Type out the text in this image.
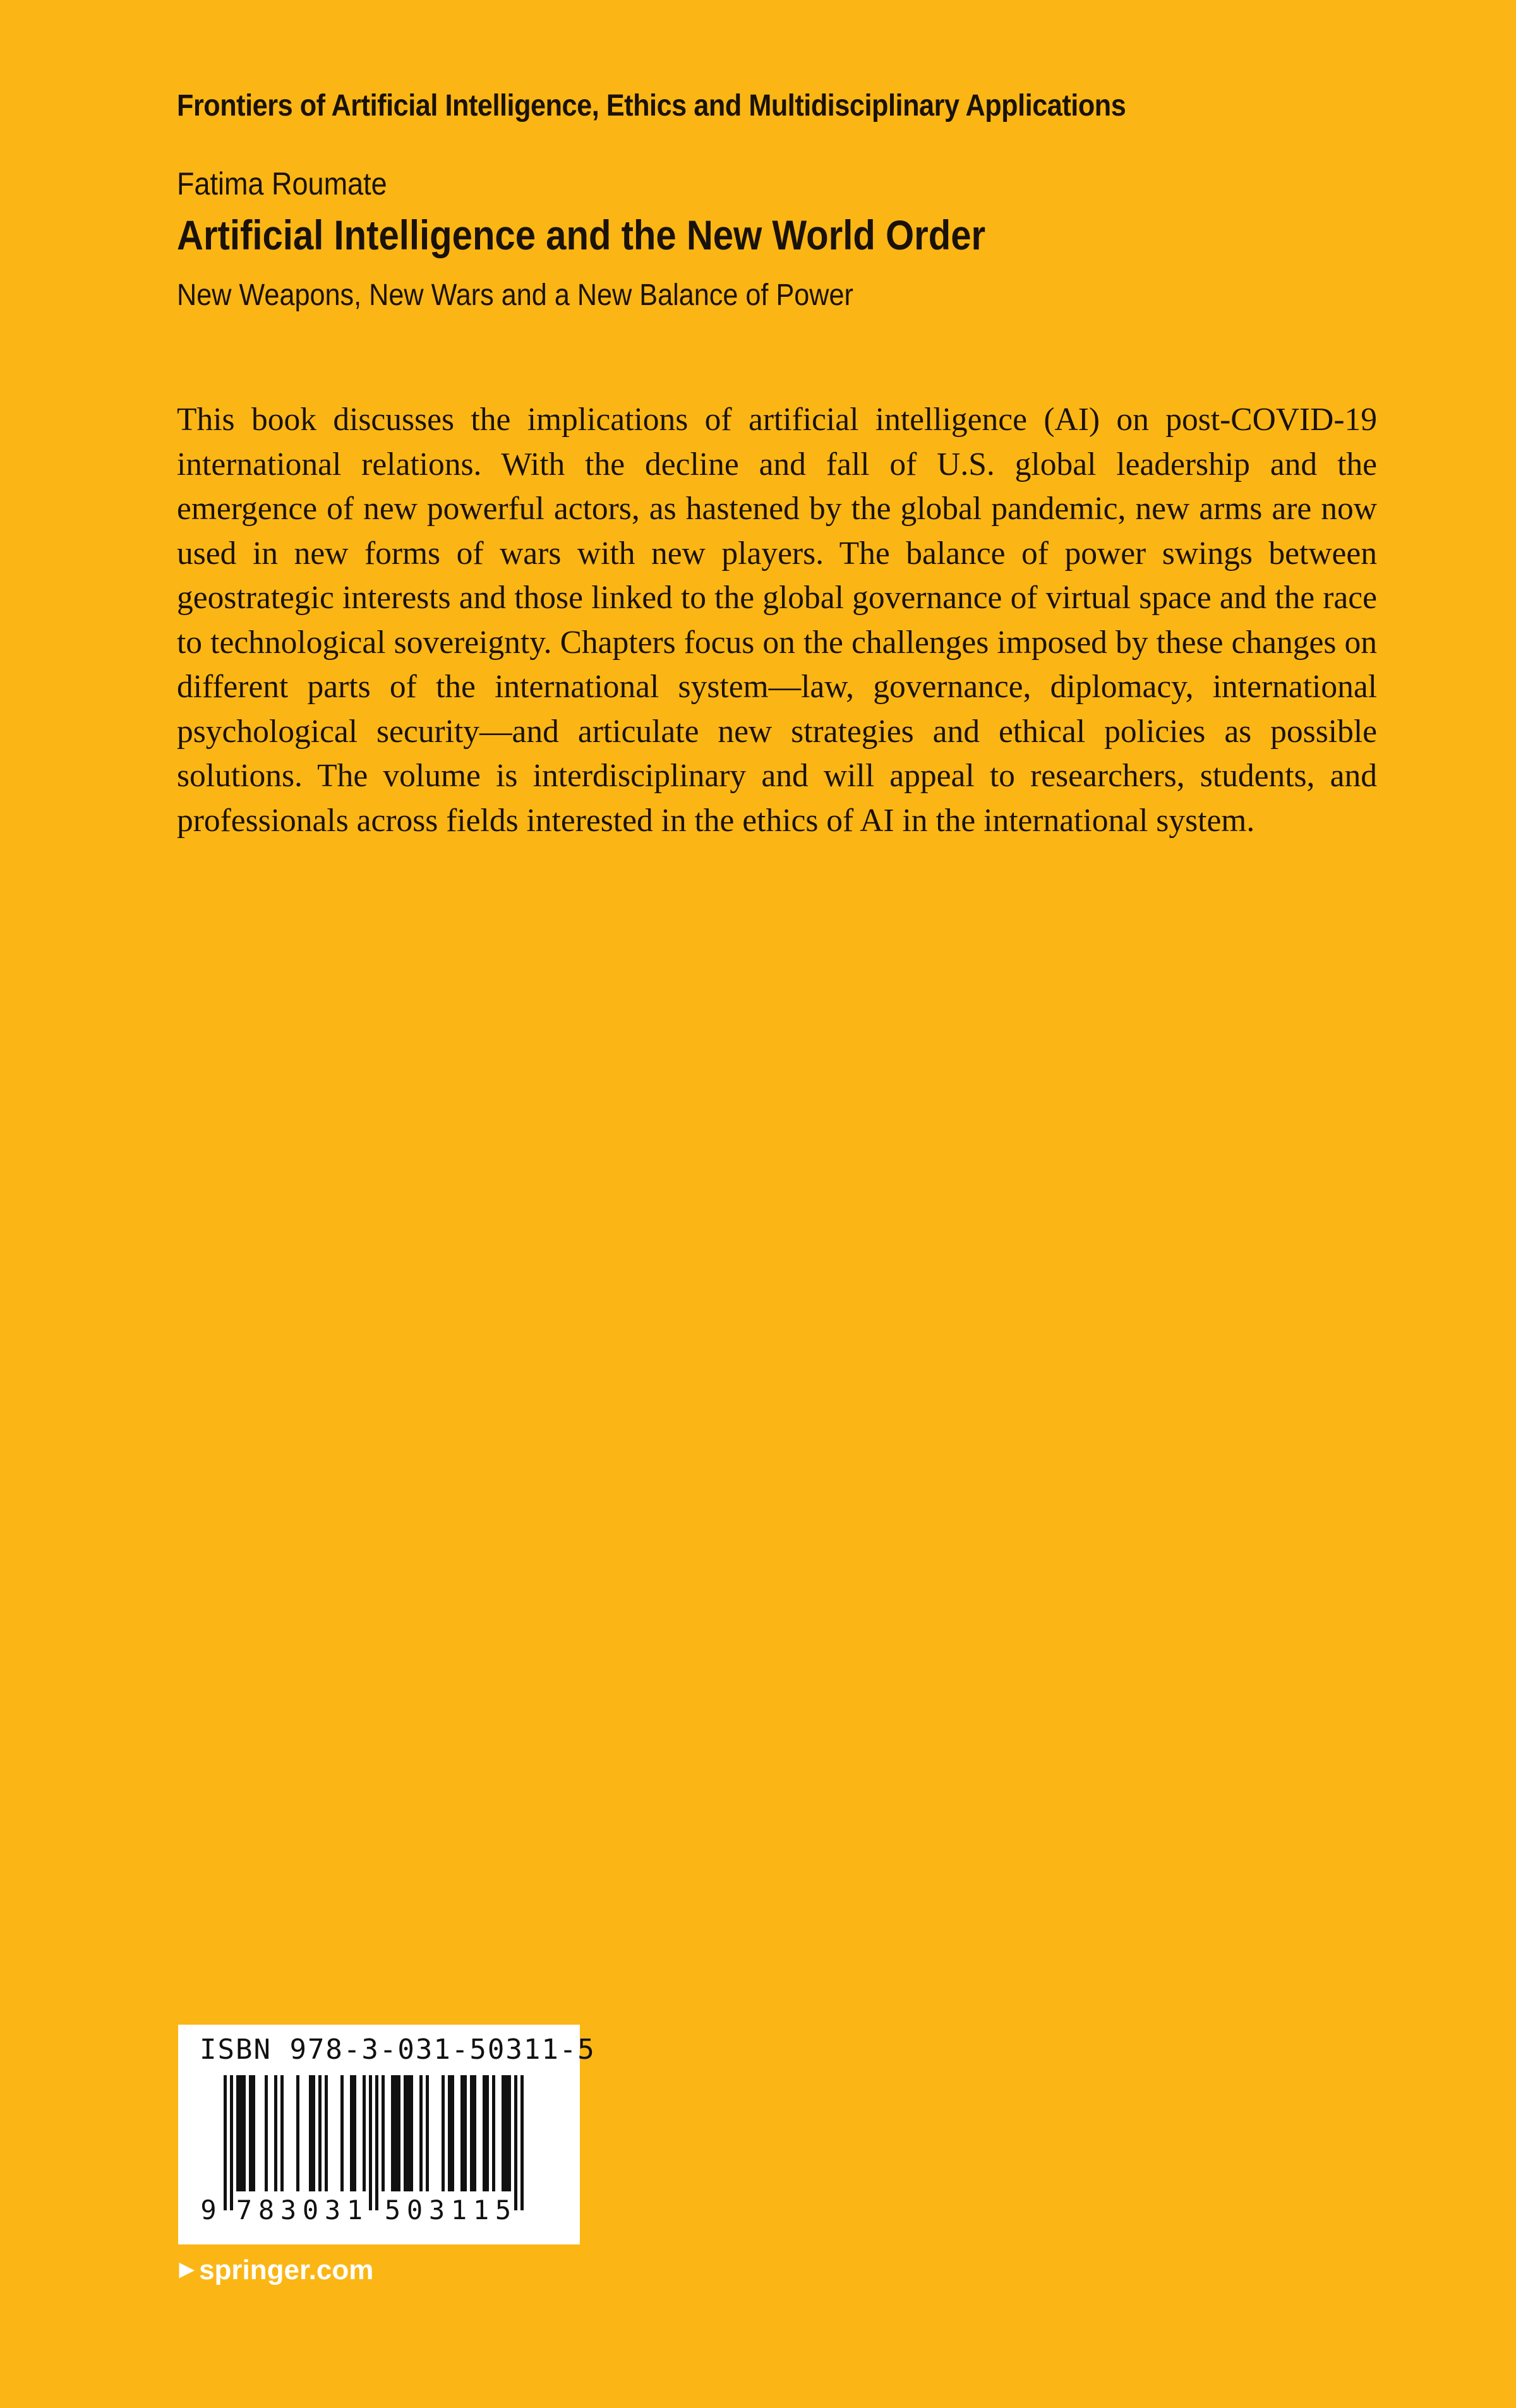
Frontiers of Artificial Intelligence, Ethics and Multidisciplinary Applications
Fatima Roumate
Artificial Intelligence and the New World Order
New Weapons, New Wars and a New Balance of Power

This book discusses the implications of artificial intelligence (AI) on post-COVID-19 international relations. With the decline and fall of U.S. global leadership and the emergence of new powerful actors, as hastened by the global pandemic, new arms are now used in new forms of wars with new players. The balance of power swings between geostrategic interests and those linked to the global governance of virtual space and the race to technological sovereignty. Chapters focus on the challenges imposed by these changes on different parts of the international system—law, governance, diplomacy, international psychological security—and articulate new strategies and ethical policies as possible solutions. The volume is interdisciplinary and will appeal to researchers, students, and professionals across fields interested in the ethics of AI in the international system.

ISBN 978-3-031-50311-5
9 7 8 3 0 3 1 5 0 3 1 1 5
▶ springer.com
